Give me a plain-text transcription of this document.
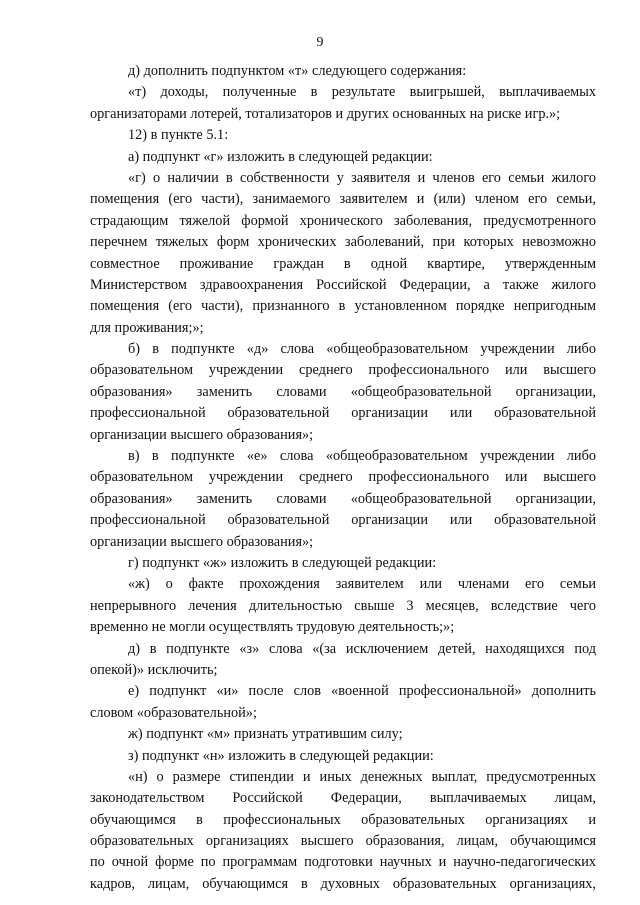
9
д) дополнить подпунктом «т» следующего содержания:
«т) доходы, полученные в результате выигрышей, выплачиваемых
организаторами лотерей, тотализаторов и других основанных на риске игр.»;
12) в пункте 5.1:
а) подпункт «г» изложить в следующей редакции:
«г) о наличии в собственности у заявителя и членов его семьи жилого
помещения (его части), занимаемого заявителем и (или) членом его семьи,
страдающим тяжелой формой хронического заболевания, предусмотренного
перечнем тяжелых форм хронических заболеваний, при которых невозможно
совместное проживание граждан в одной квартире, утвержденным
Министерством здравоохранения Российской Федерации, а также жилого
помещения (его части), признанного в установленном порядке непригодным
для проживания;»;
б) в подпункте «д» слова «общеобразовательном учреждении либо
образовательном учреждении среднего профессионального или высшего
образования» заменить словами «общеобразовательной организации,
профессиональной образовательной организации или образовательной
организации высшего образования»;
в) в подпункте «е» слова «общеобразовательном учреждении либо
образовательном учреждении среднего профессионального или высшего
образования» заменить словами «общеобразовательной организации,
профессиональной образовательной организации или образовательной
организации высшего образования»;
г) подпункт «ж» изложить в следующей редакции:
«ж) о факте прохождения заявителем или членами его семьи
непрерывного лечения длительностью свыше 3 месяцев, вследствие чего
временно не могли осуществлять трудовую деятельность;»;
д) в подпункте «з» слова «(за исключением детей, находящихся под
опекой)» исключить;
е) подпункт «и» после слов «военной профессиональной» дополнить
словом «образовательной»;
ж) подпункт «м» признать утратившим силу;
з) подпункт «н» изложить в следующей редакции:
«н) о размере стипендии и иных денежных выплат, предусмотренных
законодательством Российской Федерации, выплачиваемых лицам,
обучающимся в профессиональных образовательных организациях и
образовательных организациях высшего образования, лицам, обучающимся
по очной форме по программам подготовки научных и научно-педагогических
кадров, лицам, обучающимся в духовных образовательных организациях,
